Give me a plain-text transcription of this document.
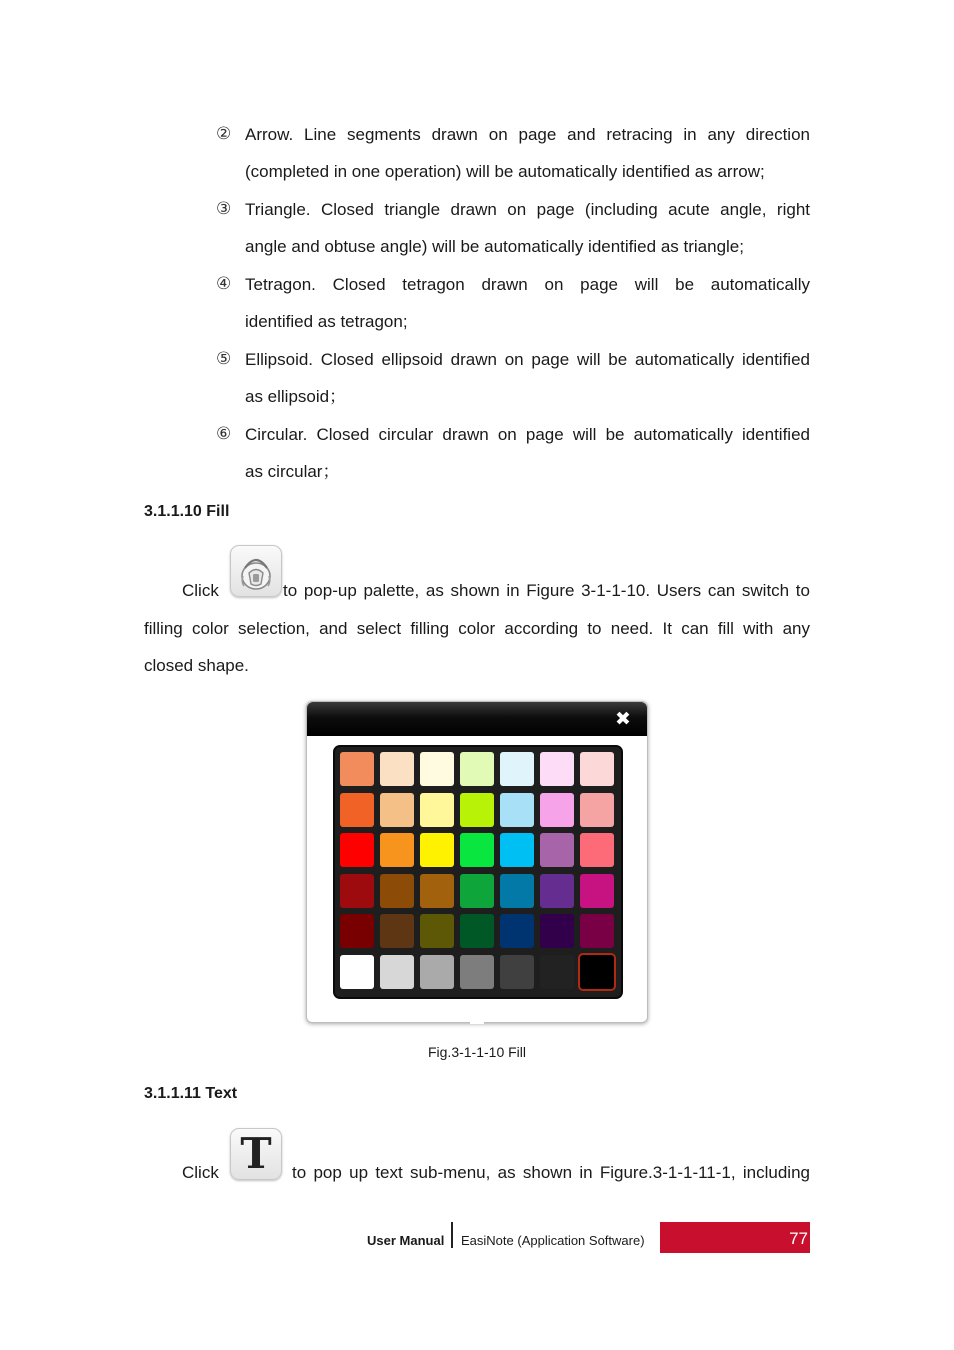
② Arrow. Line segments drawn on page and retracing in any direction
(completed in one operation) will be automatically identified as arrow;
③ Triangle. Closed triangle drawn on page (including acute angle, right
angle and obtuse angle) will be automatically identified as triangle;
④ Tetragon. Closed tetragon drawn on page will be automatically
identified as tetragon;
⑤ Ellipsoid. Closed ellipsoid drawn on page will be automatically identified
as ellipsoid；
⑥ Circular. Closed circular drawn on page will be automatically identified
as circular；
3.1.1.10 Fill
Click	to pop-up palette, as shown in Figure 3-1-1-10. Users can switch to
filling color selection, and select filling color according to need. It can fill with any
closed shape.
✖
Fig.3-1-1-10 Fill
3.1.1.11 Text
Click T	to pop up text sub-menu, as shown in Figure.3-1-1-11-1, including
User Manual EasiNote (Application Software)	77
